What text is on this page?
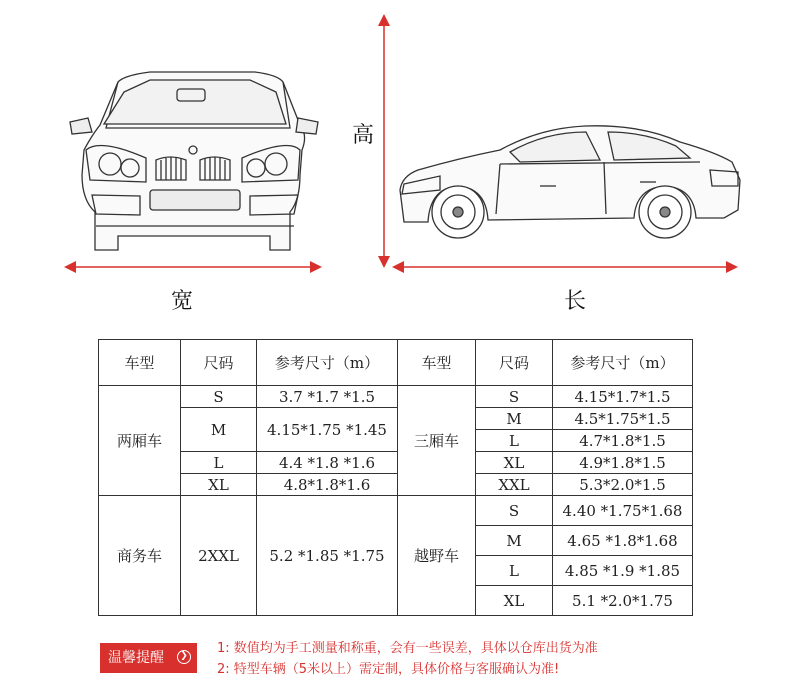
宽
高
长
车型	尺码	参考尺寸（m）	车型	尺码	参考尺寸（m）
两厢车	S	3.7 *1.7 *1.5	三厢车	S	4.15*1.7*1.5
	M	4.15*1.75 *1.45		M	4.5*1.75*1.5
				L	4.7*1.8*1.5
	L	4.4 *1.8 *1.6		XL	4.9*1.8*1.5
	XL	4.8*1.8*1.6		XXL	5.3*2.0*1.5
商务车	2XXL	5.2 *1.85 *1.75	越野车	S	4.40 *1.75*1.68
				M	4.65 *1.8*1.68
				L	4.85 *1.9 *1.85
				XL	5.1 *2.0*1.75
温馨提醒	❯ 1: 数值均为手工测量和称重，会有一些误差，具体以仓库出货为准
2: 特型车辆（5米以上）需定制，具体价格与客服确认为准!
